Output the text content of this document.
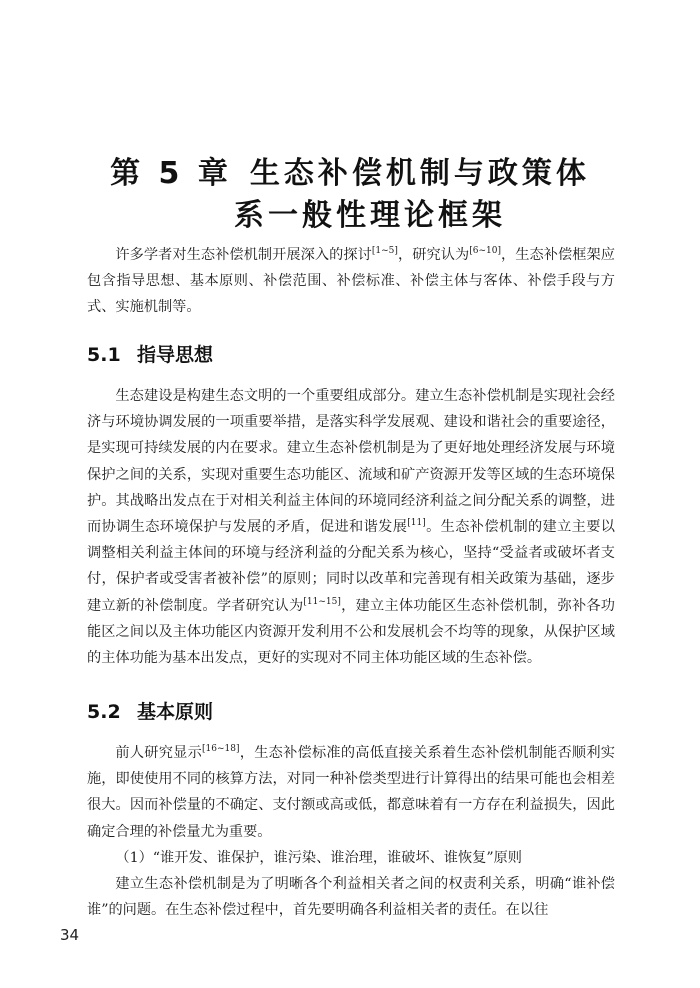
第 5 章 生态补偿机制与政策体
系一般性理论框架
许多学者对生态补偿机制开展深入的探讨[1~5]，研究认为[6~10]，生态补偿框架应包含指导思想、基本原则、补偿范围、补偿标准、补偿主体与客体、补偿手段与方式、实施机制等。
5.1 指导思想
生态建设是构建生态文明的一个重要组成部分。建立生态补偿机制是实现社会经济与环境协调发展的一项重要举措，是落实科学发展观、建设和谐社会的重要途径，是实现可持续发展的内在要求。建立生态补偿机制是为了更好地处理经济发展与环境保护之间的关系，实现对重要生态功能区、流域和矿产资源开发等区域的生态环境保护。其战略出发点在于对相关利益主体间的环境同经济利益之间分配关系的调整，进而协调生态环境保护与发展的矛盾，促进和谐发展[11]。生态补偿机制的建立主要以调整相关利益主体间的环境与经济利益的分配关系为核心，坚持“受益者或破坏者支付，保护者或受害者被补偿”的原则；同时以改革和完善现有相关政策为基础，逐步建立新的补偿制度。学者研究认为[11~15]，建立主体功能区生态补偿机制，弥补各功能区之间以及主体功能区内资源开发利用不公和发展机会不均等的现象，从保护区域的主体功能为基本出发点，更好的实现对不同主体功能区域的生态补偿。
5.2 基本原则
前人研究显示[16~18]，生态补偿标准的高低直接关系着生态补偿机制能否顺利实施，即使使用不同的核算方法，对同一种补偿类型进行计算得出的结果可能也会相差很大。因而补偿量的不确定、支付额或高或低，都意味着有一方存在利益损失，因此确定合理的补偿量尤为重要。
（1）“谁开发、谁保护，谁污染、谁治理，谁破坏、谁恢复”原则
建立生态补偿机制是为了明晰各个利益相关者之间的权责利关系，明确“谁补偿谁”的问题。在生态补偿过程中，首先要明确各利益相关者的责任。在以往
34
